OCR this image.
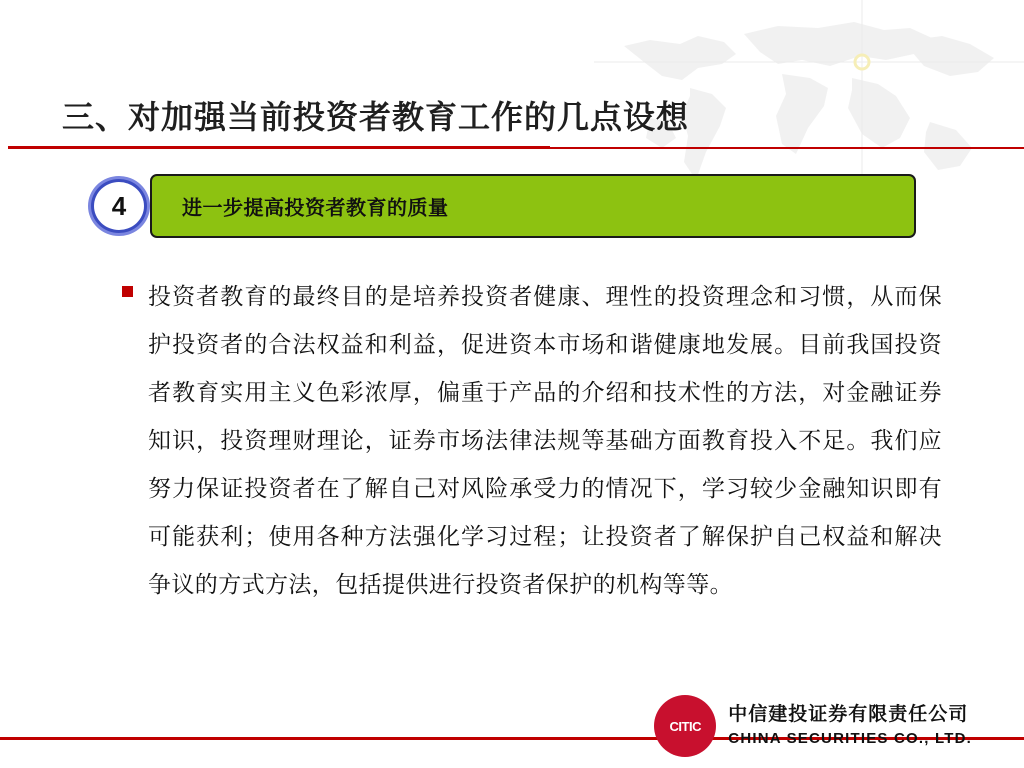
三、对加强当前投资者教育工作的几点设想
进一步提高投资者教育的质量
4
投资者教育的最终目的是培养投资者健康、理性的投资理念和习惯，从而保护投资者的合法权益和利益，促进资本市场和谐健康地发展。目前我国投资者教育实用主义色彩浓厚，偏重于产品的介绍和技术性的方法，对金融证券知识，投资理财理论，证券市场法律法规等基础方面教育投入不足。我们应努力保证投资者在了解自己对风险承受力的情况下，学习较少金融知识即有可能获利；使用各种方法强化学习过程；让投资者了解保护自己权益和解决争议的方式方法，包括提供进行投资者保护的机构等等。
CITIC
中信建投证券有限责任公司
CHINA SECURITIES CO., LTD.
